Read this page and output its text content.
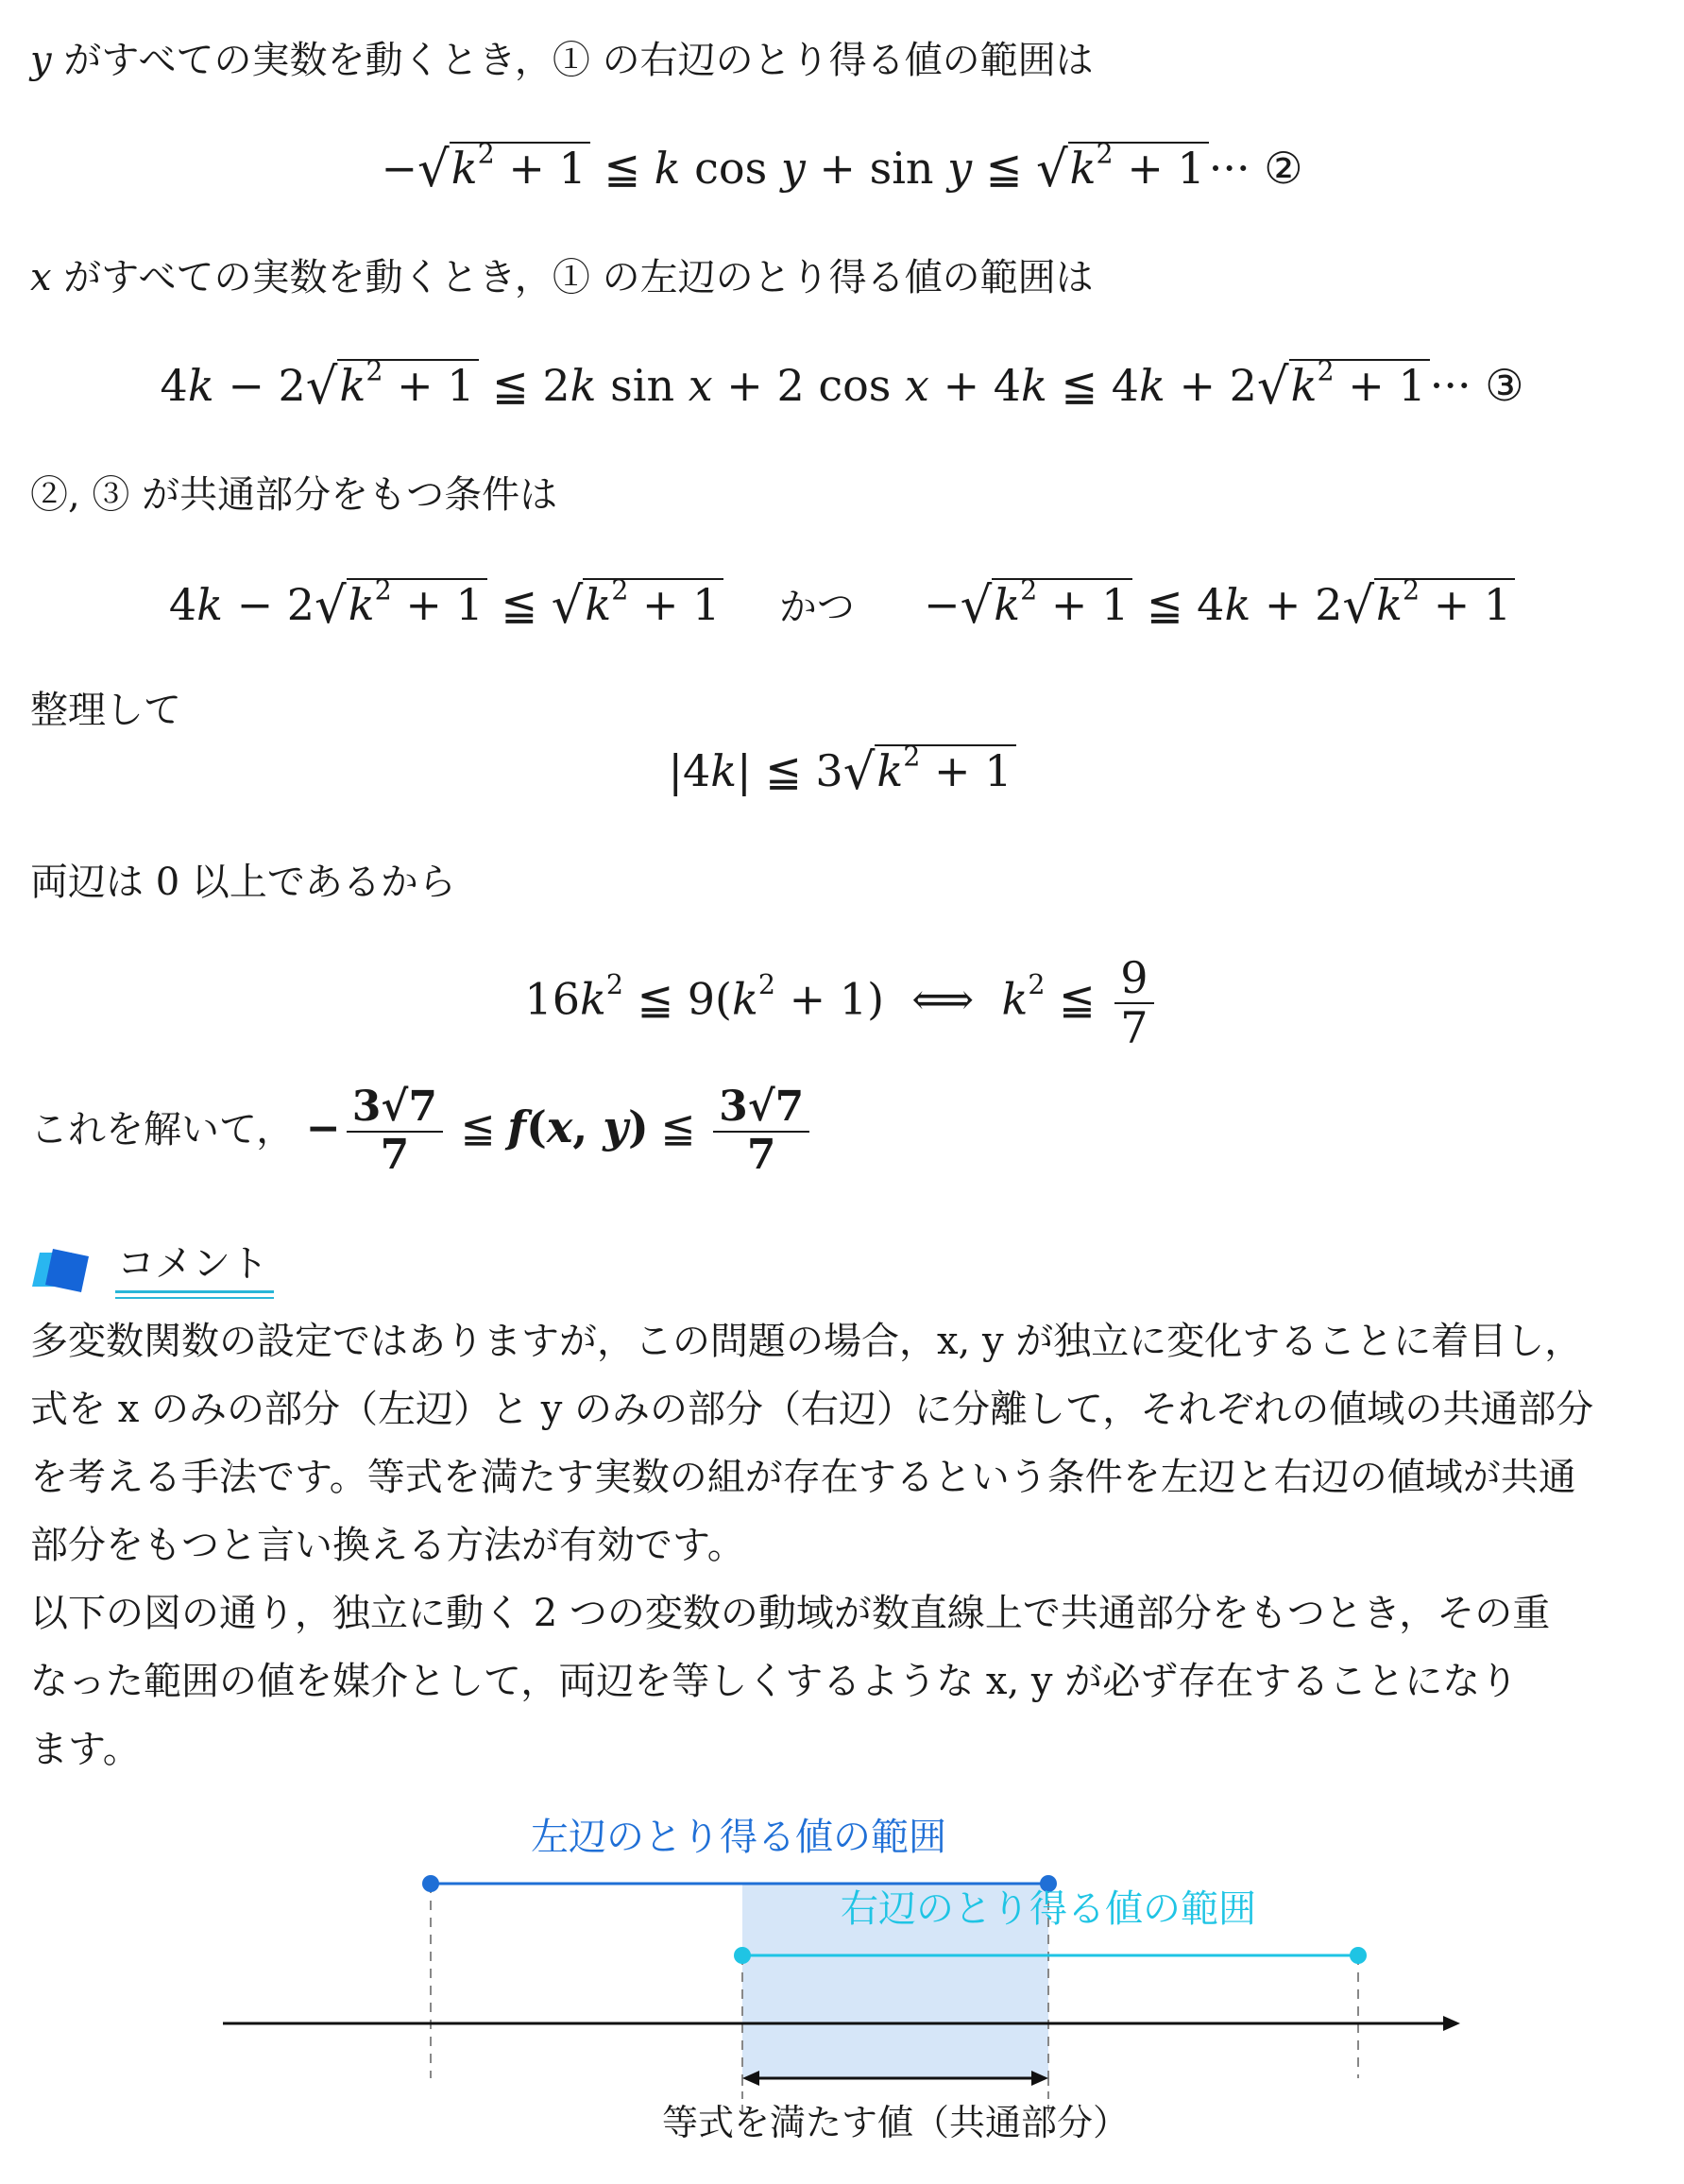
y がすべての実数を動くとき，① の右辺のとり得る値の範囲は
$-√k^2 + 1$ ≦ k cos y + sin y ≦ $√k^2 + 1\cdot\cdot\cdot$ ②
x がすべての実数を動くとき，① の左辺のとり得る値の範囲は
$4k - 2√k^2 + 1$ ≦ 2k sin x + 2 cos x + 4k ≦ $4k + 2√k^2 + 1\cdot\cdot\cdot$ ③
②, ③ が共通部分をもつ条件は
$4k - 2√k^2 + 1$ ≦ $√k^2 + 1$ かつ     $-√k^2 + 1$ ≦ $4k + 2√k^2 + 1$
整理して
|4k| ≦ $3√k^2 + 1$
両辺は 0 以上であるから
$16k^2$ ≦ $9(k^2 + 1)$  ⟺  $k^2$ ≦ $\frac{9}{7}$
これを解いて， − $\frac{3√7}{7}$ ≦ f(x, y) ≦ $\frac{3√7}{7}$
コメント
多変数関数の設定ではありますが，この問題の場合，x, y が独立に変化することに着目し，
式を x のみの部分（左辺）と y のみの部分（右辺）に分離して，それぞれの値域の共通部分
を考える手法です。等式を満たす実数の組が存在するという条件を左辺と右辺の値域が共通
部分をもつと言い換える方法が有効です。
以下の図の通り，独立に動く 2 つの変数の動域が数直線上で共通部分をもつとき，その重
なった範囲の値を媒介として，両辺を等しくするような x, y が必ず存在することになり
ます。
左辺のとり得る値の範囲
右辺のとり得る値の範囲
等式を満たす値（共通部分）
